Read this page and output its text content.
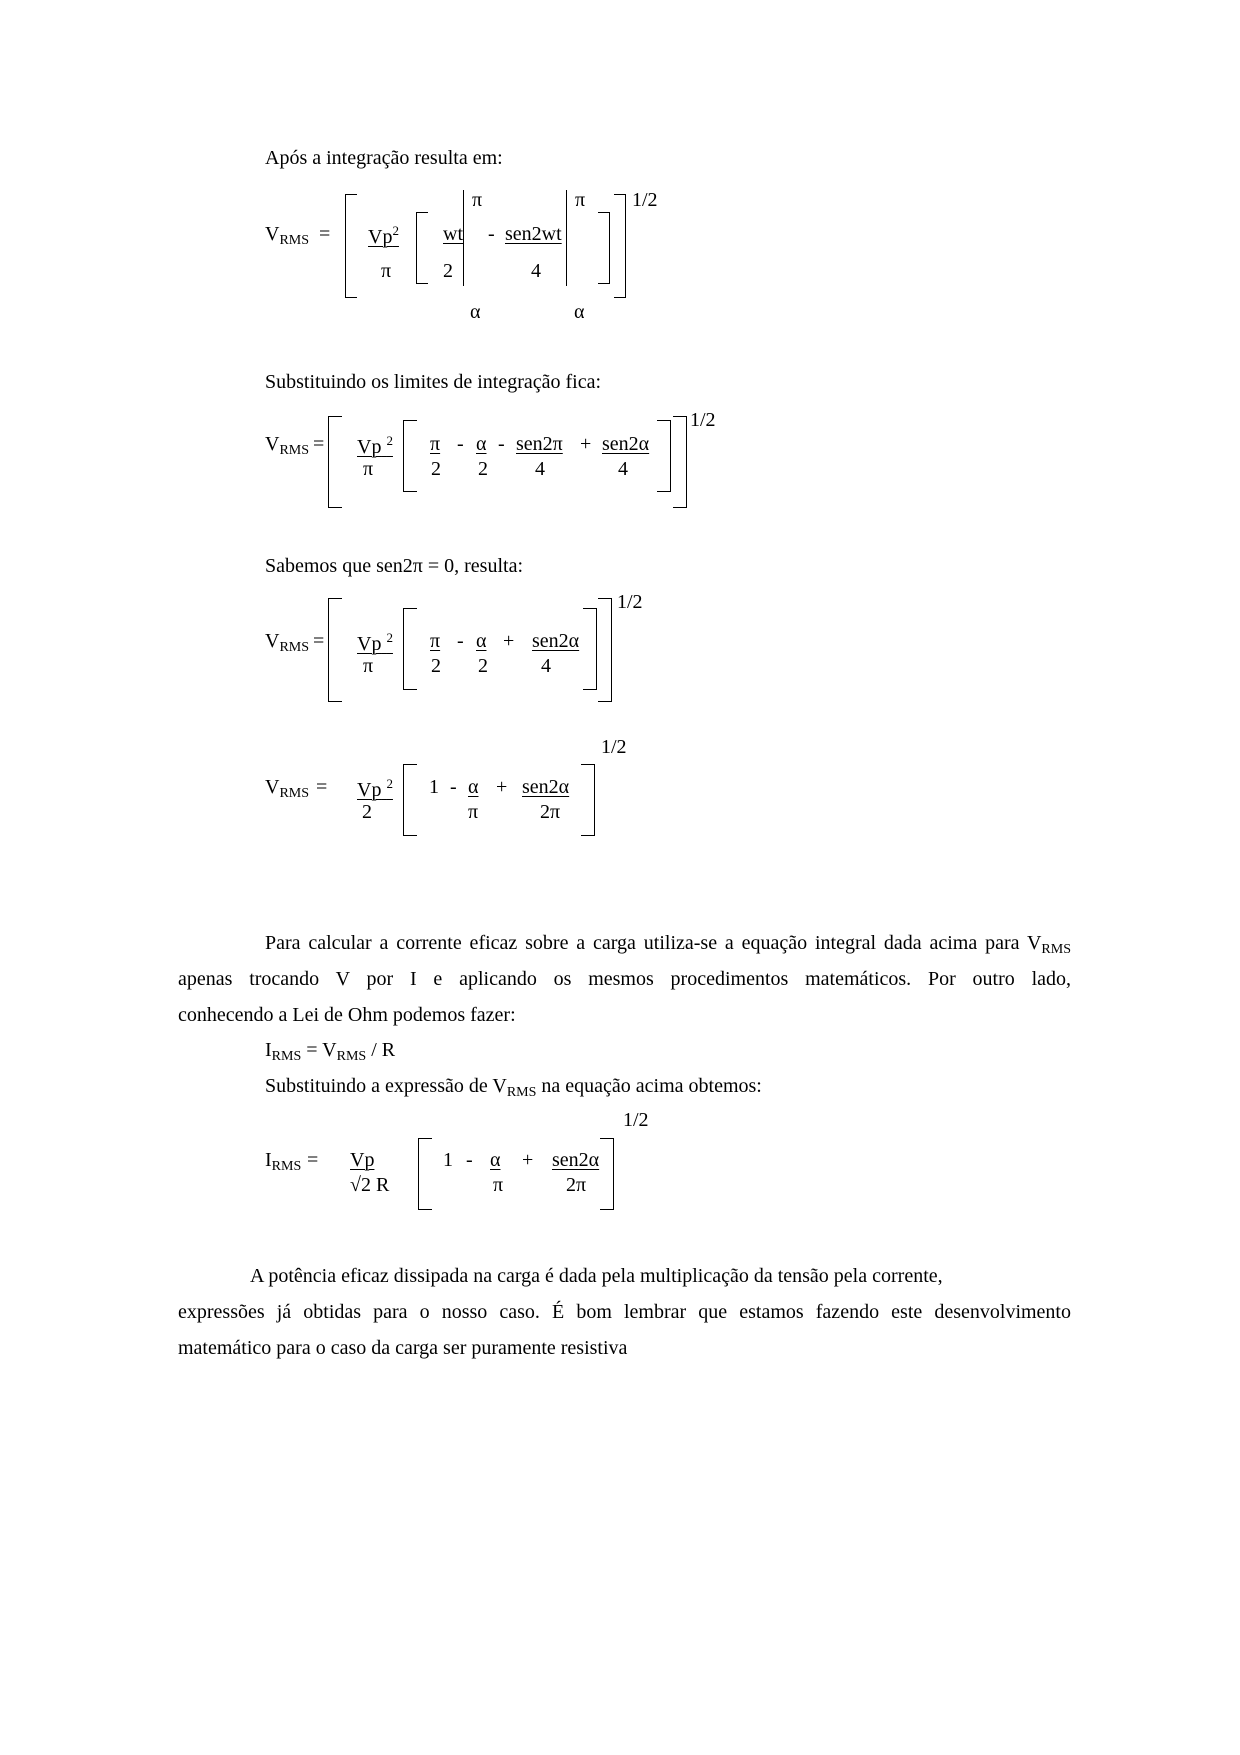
Após a integração resulta em:
$V_{RMS} = Vp^2$
π
wt
2
π
α
- sen2wt
4
π
α
1/2
Substituindo os limites de integração fica:
$V_{RMS} = Vp$ $^2$
π
π
2
- α
2
- sen2π
4
+ sen2α
4
1/2
Sabemos que sen2π = 0, resulta:
$V_{RMS} = Vp$ $^2$
π
π
2
- α
2
+ sen2α
4
1/2
$V_{RMS} = Vp$ $^2$
2
1 - α
π
+ sen2α
2π
1/2
Para calcular a corrente eficaz sobre a carga utiliza-se a equação integral dada acima para $V_{RMS}$
apenas trocando V por I e aplicando os mesmos procedimentos matemáticos. Por outro lado,
conhecendo a Lei de Ohm podemos fazer:
$I_{RMS} = V_{RMS} / R$
Substituindo a expressão de $V_{RMS}$ na equação acima obtemos:
$I_{RMS} = Vp$
√2 R
1 - α
π
+ sen2α
2π
1/2
A potência eficaz dissipada na carga é dada pela multiplicação da tensão pela corrente,
expressões já obtidas para o nosso caso. É bom lembrar que estamos fazendo este desenvolvimento
matemático para o caso da carga ser puramente resistiva
